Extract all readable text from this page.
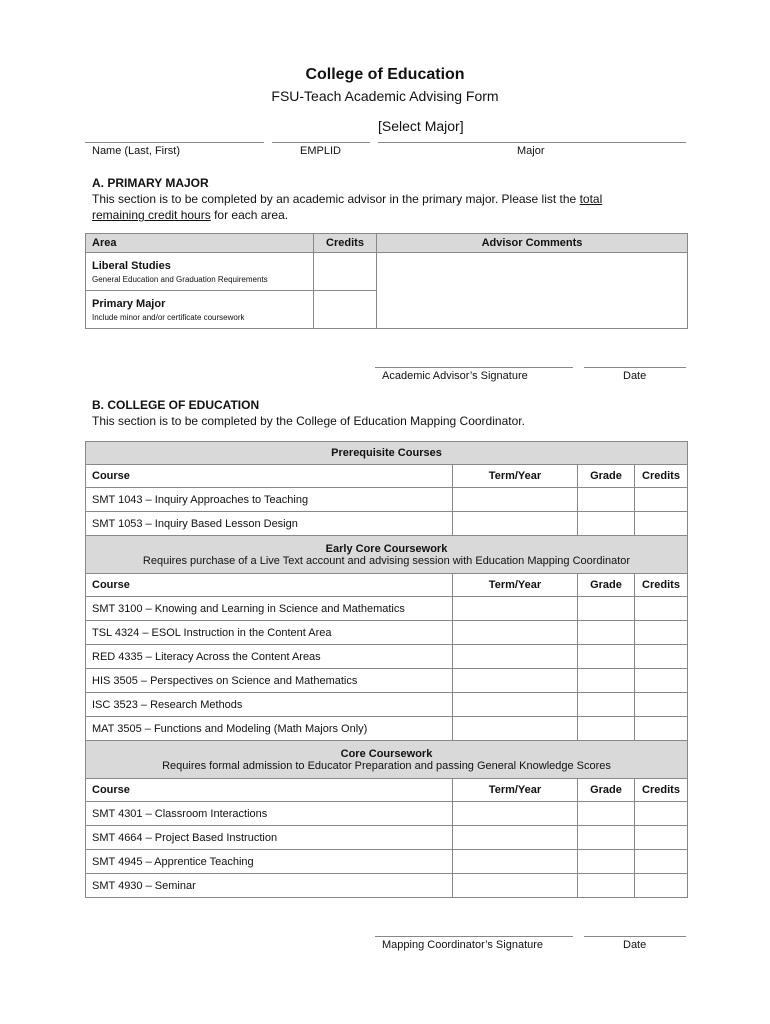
College of Education
FSU-Teach Academic Advising Form
[Select Major]
Name (Last, First)	EMPLID	Major
A. PRIMARY MAJOR
This section is to be completed by an academic advisor in the primary major. Please list the total
remaining credit hours for each area.
Area	Credits	Advisor Comments

Liberal Studies
General Education and Graduation Requirements		

Primary Major
Include minor and/or certificate coursework		

Academic Advisor’s Signature	Date
B. COLLEGE OF EDUCATION
This section is to be completed by the College of Education Mapping Coordinator.
Prerequisite Courses			

Course	Term/Year	Grade	Credits
SMT 1043 – Inquiry Approaches to Teaching			
SMT 1053 – Inquiry Based Lesson Design			

Early Core Coursework
Requires purchase of a Live Text account and advising session with Education Mapping Coordinator			

Course	Term/Year	Grade	Credits
SMT 3100 – Knowing and Learning in Science and Mathematics			
TSL 4324 – ESOL Instruction in the Content Area			
RED 4335 – Literacy Across the Content Areas			
HIS 3505 – Perspectives on Science and Mathematics			
ISC 3523 – Research Methods			
MAT 3505 – Functions and Modeling (Math Majors Only)			

Core Coursework
Requires formal admission to Educator Preparation and passing General Knowledge Scores			

Course	Term/Year	Grade	Credits
SMT 4301 – Classroom Interactions			
SMT 4664 – Project Based Instruction			
SMT 4945 – Apprentice Teaching			
SMT 4930 – Seminar			
Mapping Coordinator’s Signature	Date
